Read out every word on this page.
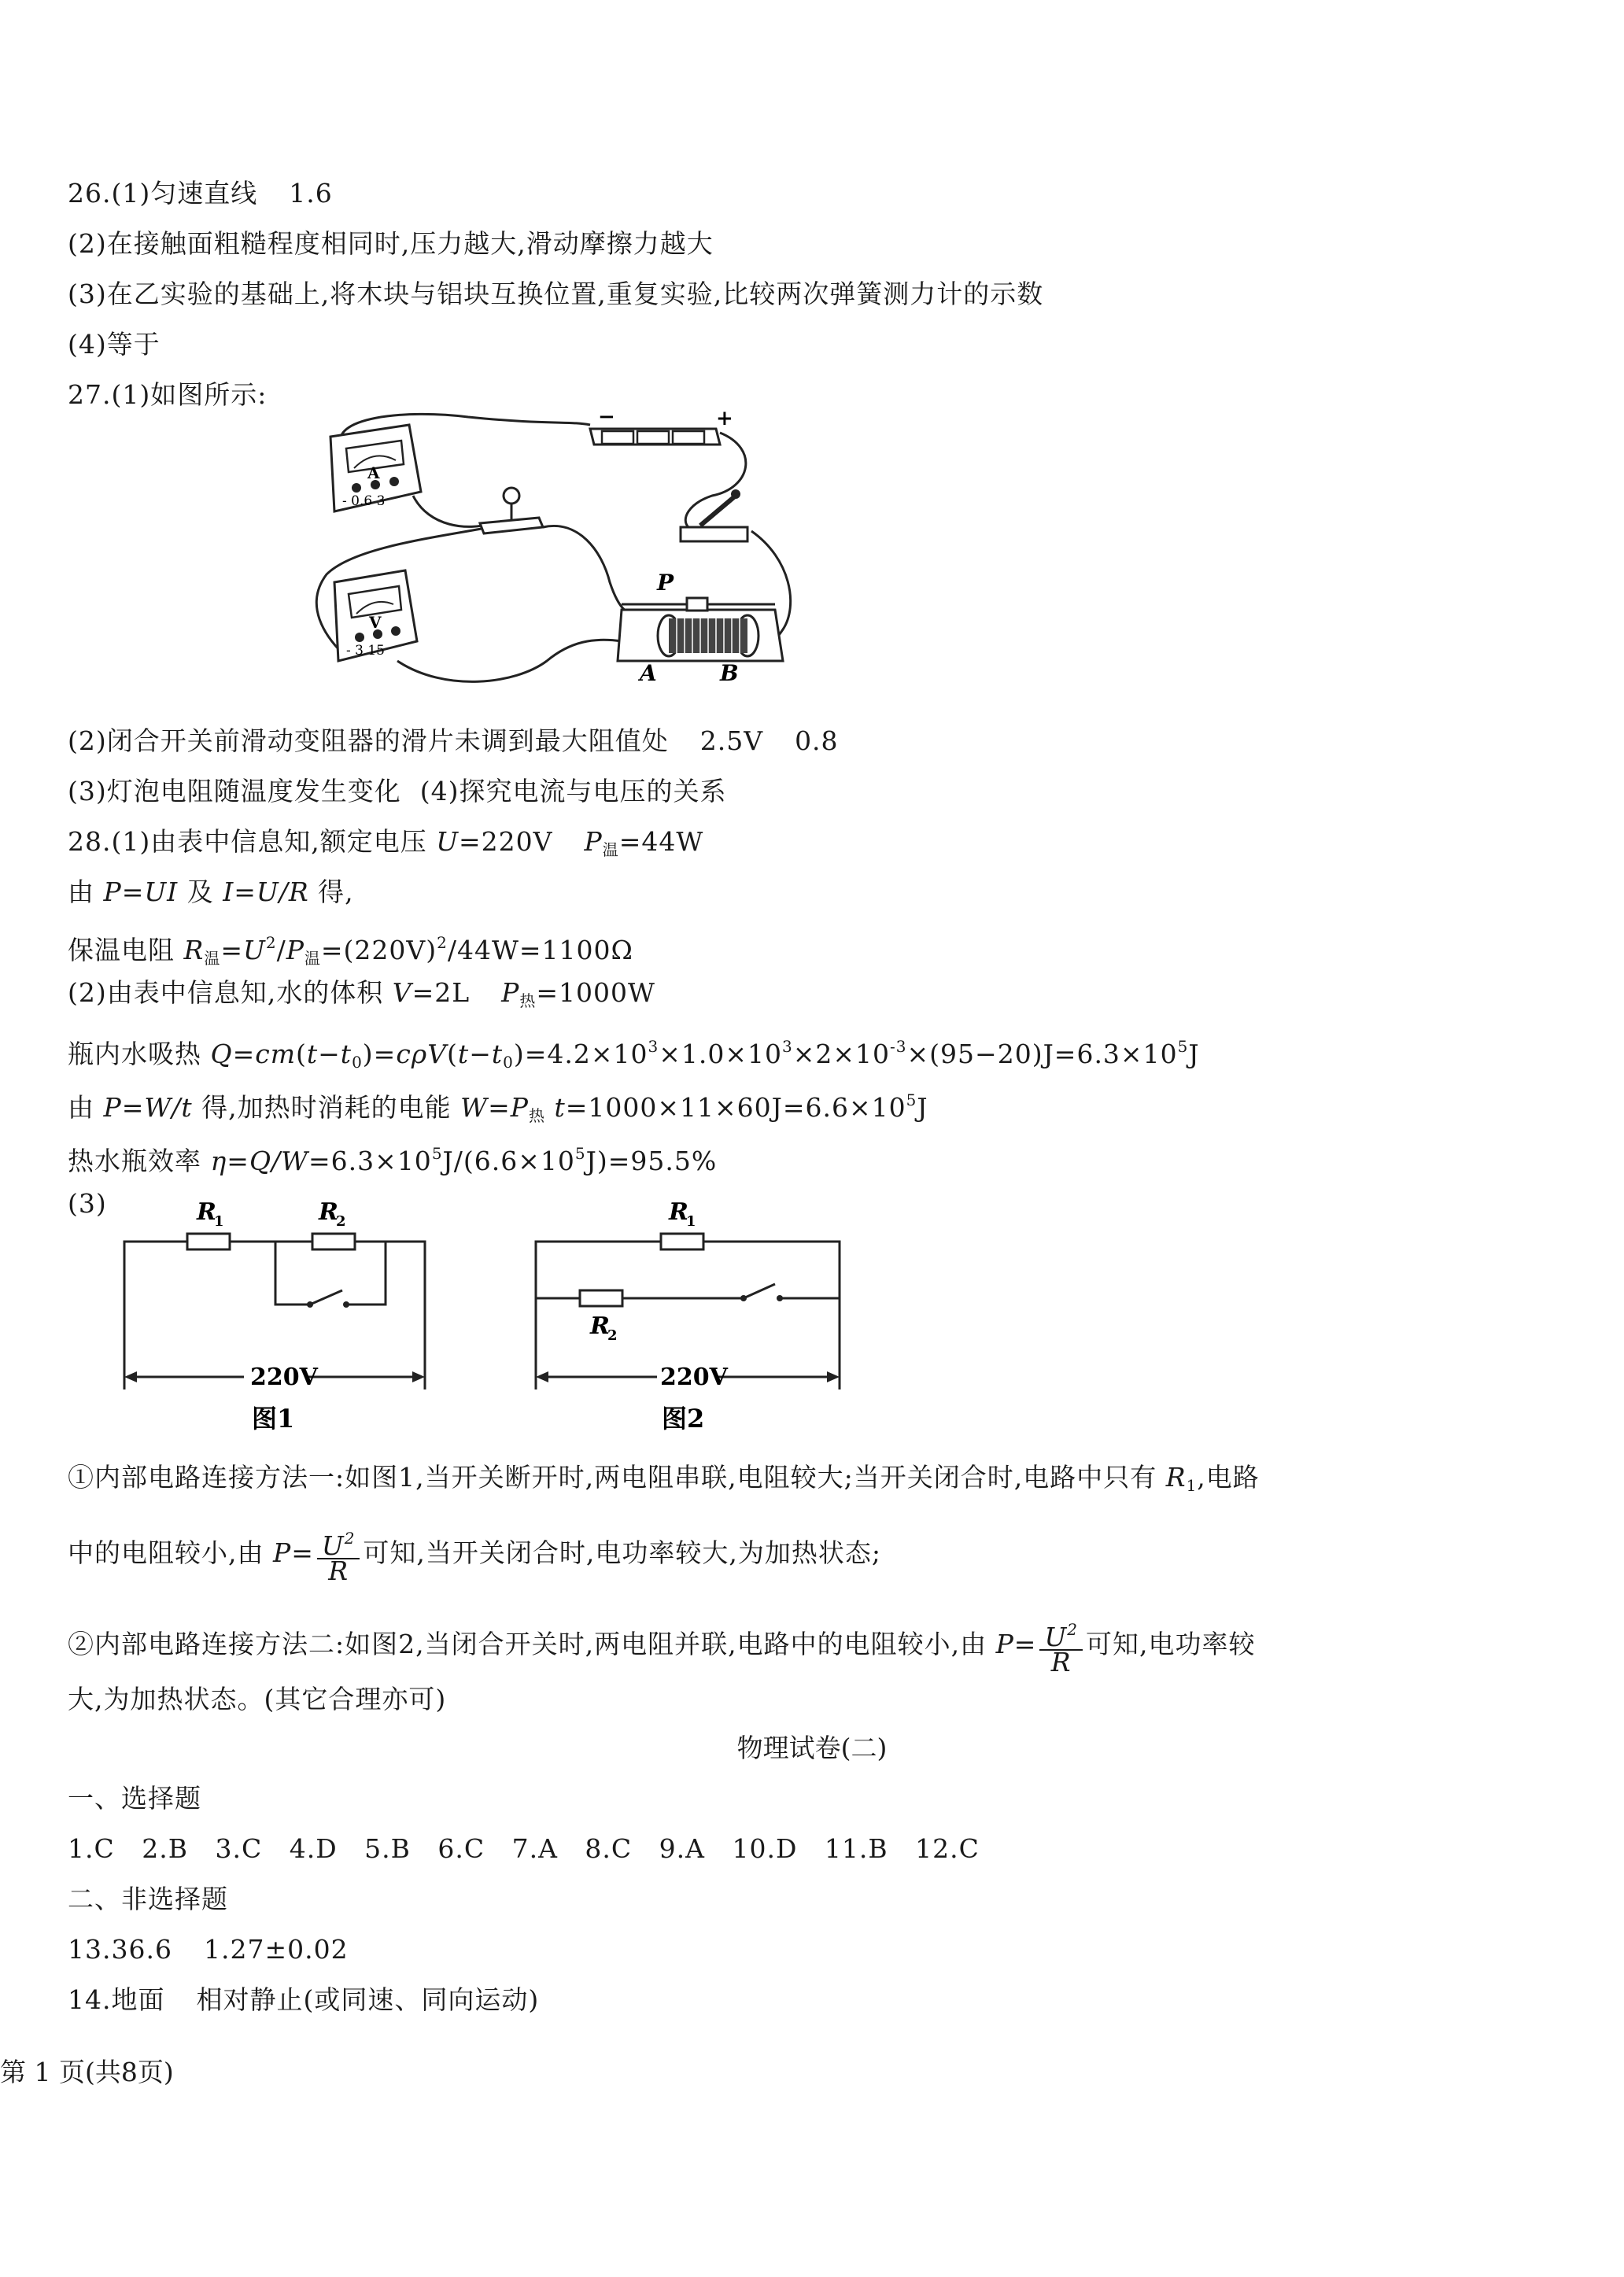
26.(1)匀速直线 1.6
(2)在接触面粗糙程度相同时,压力越大,滑动摩擦力越大
(3)在乙实验的基础上,将木块与铝块互换位置,重复实验,比较两次弹簧测力计的示数
(4)等于
27.(1)如图所示:
A
- 0.6 3
−	+
V
- 3 15
P
A	B
(2)闭合开关前滑动变阻器的滑片未调到最大阻值处 2.5V 0.8
(3)灯泡电阻随温度发生变化 (4)探究电流与电压的关系
28.(1)由表中信息知,额定电压 U=220V $P_温=44W$
由 P=UI 及 I=U/R 得,
保温电阻 $R_温=U^2/P_温=(220V)^2/44W=1100\Omega$
(2)由表中信息知,水的体积 V=2L $P_热=1000W$
瓶内水吸热 $Q=cm(t-t_0)=c\rho V(t-t_0)=4.2\times 10^3\times 1.0\times 10^3\times 2\times 10^{-3}\times(95-20)J=6.3\times 10^5J$
由 P=W/t 得,加热时消耗的电能 $W=P_热$ $t=1000\times 11\times 60J=6.6\times 10^5J$
热水瓶效率 $\eta=Q/W=6.3\times 10^5J/(6.6\times 10^5J)=95.5\%$
(3)	R
1	R
2
220V
图1
R
1
R
2
220V
图2
①内部电路连接方法一:如图1,当开关断开时,两电阻串联,电阻较大;当开关闭合时,电路中只有 $R_1$,电路
中的电阻较小,由 $P= \frac{U^2}{R}$ 可知,当开关闭合时,电功率较大,为加热状态;
②内部电路连接方法二:如图2,当闭合开关时,两电阻并联,电路中的电阻较小,由 $P= \frac{U^2}{R}$ 可知,电功率较
大,为加热状态。(其它合理亦可)
物理试卷(二)
一、选择题
1.C 2.B 3.C 4.D 5.B 6.C 7.A 8.C 9.A 10.D 11.B 12.C
二、非选择题
13.36.6 1.27±0.02
14.地面 相对静止(或同速、同向运动)
第 1 页(共8页)
